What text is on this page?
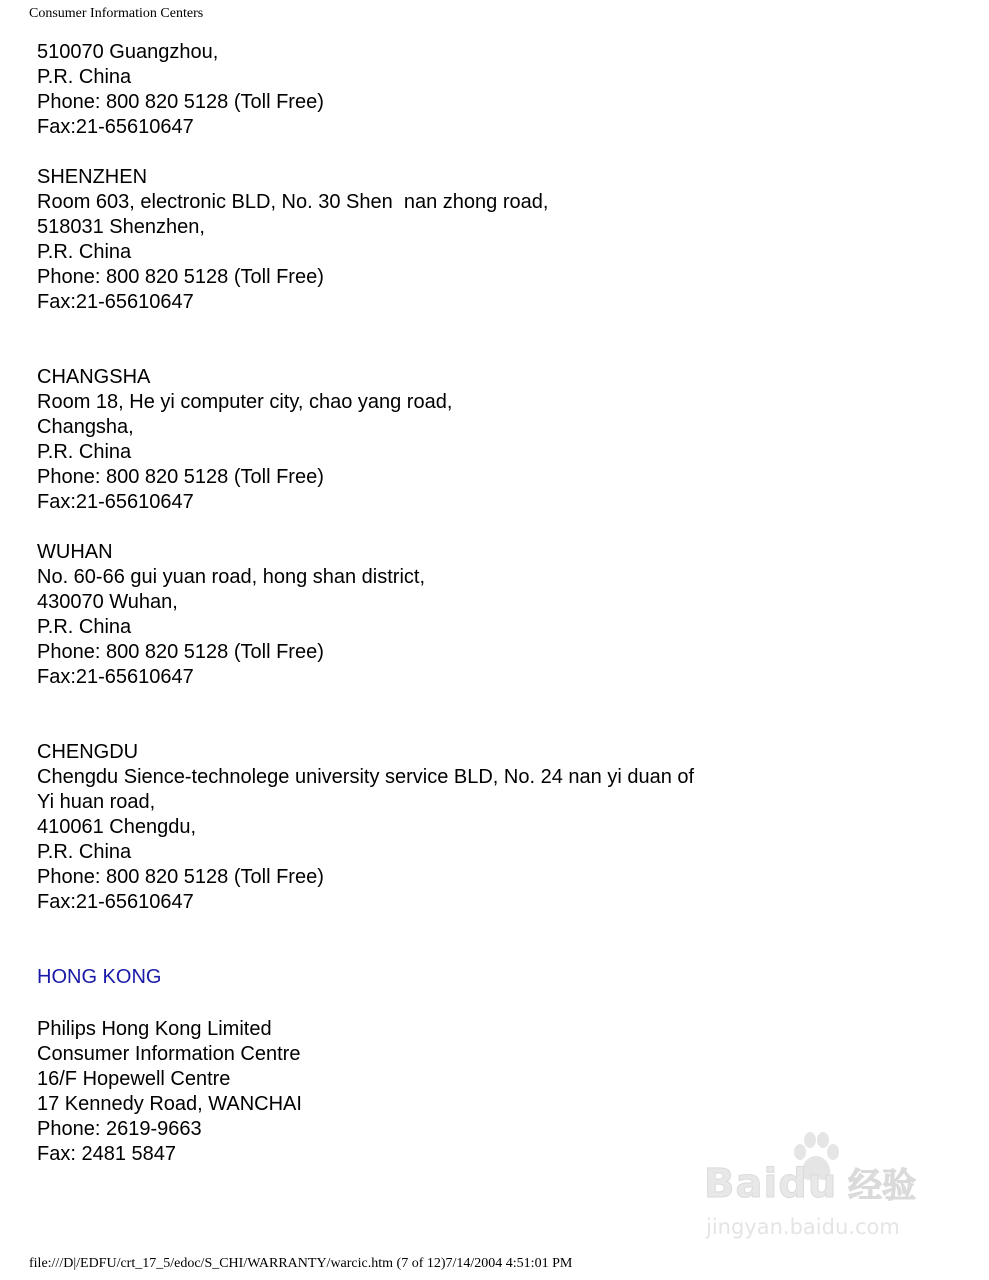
Consumer Information Centers
510070 Guangzhou,
P.R. China
Phone: 800 820 5128 (Toll Free)
Fax:21-65610647
SHENZHEN
Room 603, electronic BLD, No. 30 Shen  nan zhong road,
518031 Shenzhen,
P.R. China
Phone: 800 820 5128 (Toll Free)
Fax:21-65610647
CHANGSHA
Room 18, He yi computer city, chao yang road,
Changsha,
P.R. China
Phone: 800 820 5128 (Toll Free)
Fax:21-65610647
WUHAN
No. 60-66 gui yuan road, hong shan district,
430070 Wuhan,
P.R. China
Phone: 800 820 5128 (Toll Free)
Fax:21-65610647
CHENGDU
Chengdu Sience-technolege university service BLD, No. 24 nan yi duan of
Yi huan road,
410061 Chengdu,
P.R. China
Phone: 800 820 5128 (Toll Free)
Fax:21-65610647
HONG KONG
Philips Hong Kong Limited
Consumer Information Centre
16/F Hopewell Centre
17 Kennedy Road, WANCHAI
Phone: 2619-9663
Fax: 2481 5847
Baidu 经验
jingyan.baidu.com
file:///D|/EDFU/crt_17_5/edoc/S_CHI/WARRANTY/warcic.htm (7 of 12)7/14/2004 4:51:01 PM
